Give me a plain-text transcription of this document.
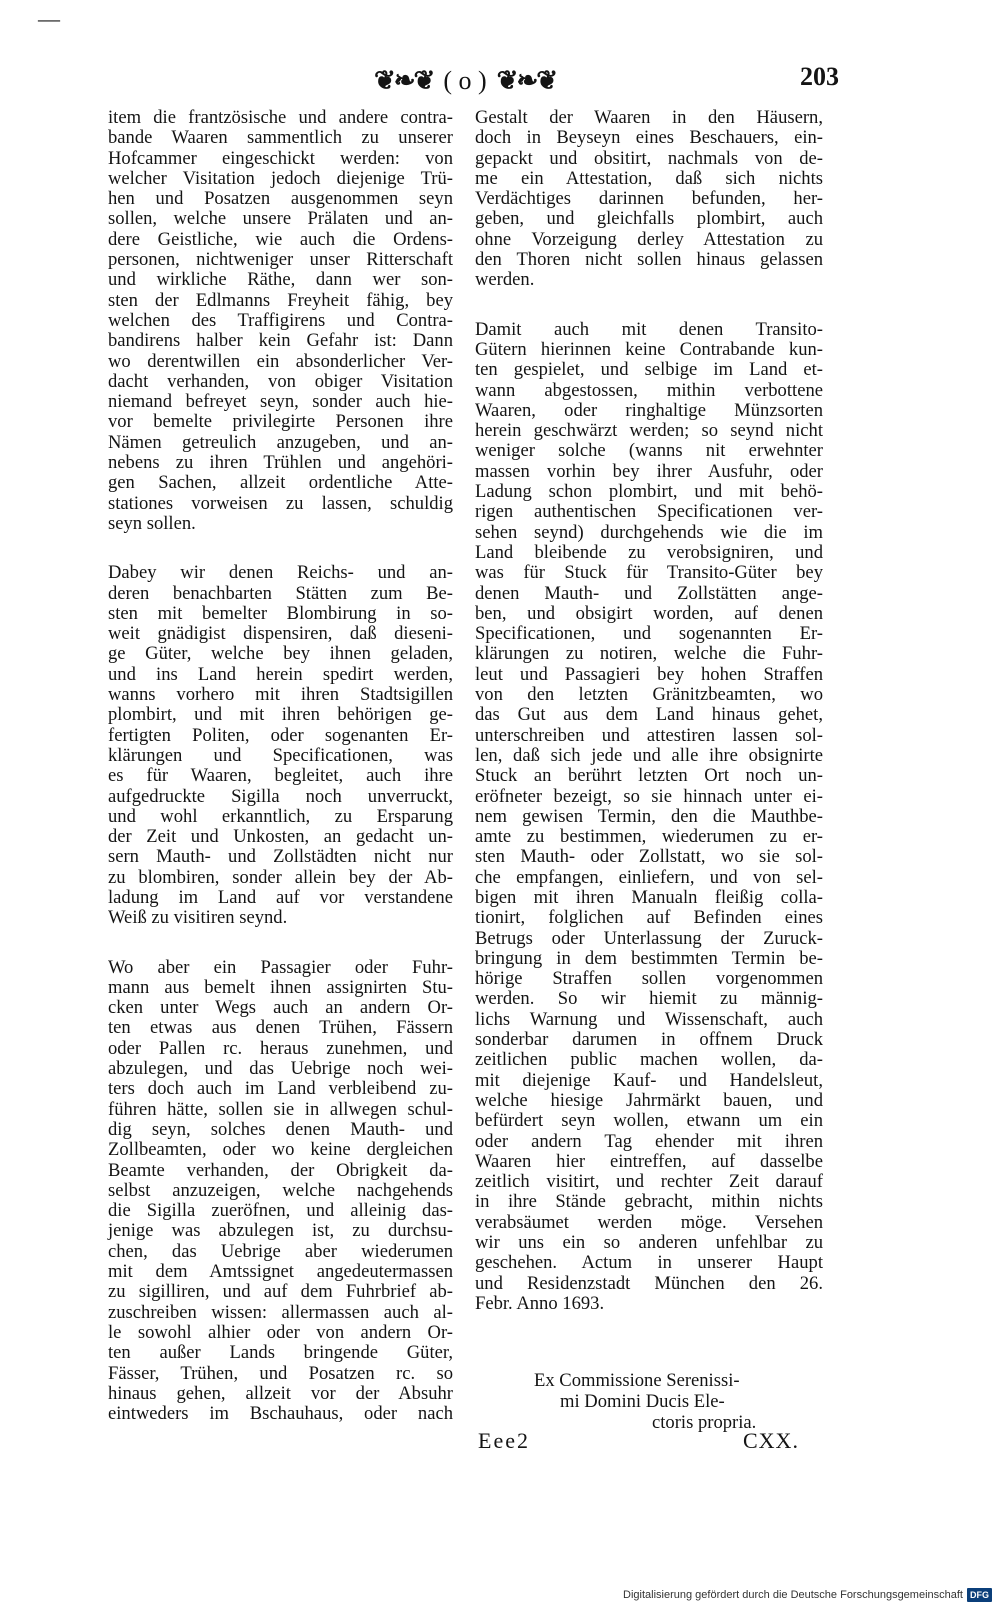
—
❦❧❦ ( o ) ❦❧❦	203
item die frantzösische und andere contra-
bande Waaren sammentlich zu unserer
Hofcammer eingeschickt werden: von
welcher Visitation jedoch diejenige Trü-
hen und Posatzen ausgenommen seyn
sollen, welche unsere Prälaten und an-
dere Geistliche, wie auch die Ordens-
personen, nichtweniger unser Ritterschaft
und wirkliche Räthe, dann wer son-
sten der Edlmanns Freyheit fähig, bey
welchen des Traffigirens und Contra-
bandirens halber kein Gefahr ist: Dann
wo derentwillen ein absonderlicher Ver-
dacht verhanden, von obiger Visitation
niemand befreyet seyn, sonder auch hie-
vor bemelte privilegirte Personen ihre
Nämen getreulich anzugeben, und an-
nebens zu ihren Trühlen und angehöri-
gen Sachen, allzeit ordentliche Atte-
stationes vorweisen zu lassen, schuldig
seyn sollen.
Dabey wir denen Reichs- und an-
deren benachbarten Stätten zum Be-
sten mit bemelter Blombirung in so-
weit gnädigist dispensiren, daß dieseni-
ge Güter, welche bey ihnen geladen,
und ins Land herein spedirt werden,
wanns vorhero mit ihren Stadtsigillen
plombirt, und mit ihren behörigen ge-
fertigten Politen, oder sogenanten Er-
klärungen und Specificationen, was
es für Waaren, begleitet, auch ihre
aufgedruckte Sigilla noch unverruckt,
und wohl erkanntlich, zu Ersparung
der Zeit und Unkosten, an gedacht un-
sern Mauth- und Zollstädten nicht nur
zu blombiren, sonder allein bey der Ab-
ladung im Land auf vor verstandene
Weiß zu visitiren seynd.
Wo aber ein Passagier oder Fuhr-
mann aus bemelt ihnen assignirten Stu-
cken unter Wegs auch an andern Or-
ten etwas aus denen Trühen, Fässern
oder Pallen rc. heraus zunehmen, und
abzulegen, und das Uebrige noch wei-
ters doch auch im Land verbleibend zu-
führen hätte, sollen sie in allwegen schul-
dig seyn, solches denen Mauth- und
Zollbeamten, oder wo keine dergleichen
Beamte verhanden, der Obrigkeit da-
selbst anzuzeigen, welche nachgehends
die Sigilla zueröfnen, und alleinig das-
jenige was abzulegen ist, zu durchsu-
chen, das Uebrige aber wiederumen
mit dem Amtssignet angedeutermassen
zu sigilliren, und auf dem Fuhrbrief ab-
zuschreiben wissen: allermassen auch al-
le sowohl alhier oder von andern Or-
ten außer Lands bringende Güter,
Fässer, Trühen, und Posatzen rc. so
hinaus gehen, allzeit vor der Absuhr
eintweders im Bschauhaus, oder nach
Gestalt der Waaren in den Häusern,
doch in Beyseyn eines Beschauers, ein-
gepackt und obsitirt, nachmals von de-
me ein Attestation, daß sich nichts
Verdächtiges darinnen befunden, her-
geben, und gleichfalls plombirt, auch
ohne Vorzeigung derley Attestation zu
den Thoren nicht sollen hinaus gelassen
werden.
Damit auch mit denen Transito-
Gütern hierinnen keine Contrabande kun-
ten gespielet, und selbige im Land et-
wann abgestossen, mithin verbottene
Waaren, oder ringhaltige Münzsorten
herein geschwärzt werden; so seynd nicht
weniger solche (wanns nit erwehnter
massen vorhin bey ihrer Ausfuhr, oder
Ladung schon plombirt, und mit behö-
rigen authentischen Specificationen ver-
sehen seynd) durchgehends wie die im
Land bleibende zu verobsigniren, und
was für Stuck für Transito-Güter bey
denen Mauth- und Zollstätten ange-
ben, und obsigirt worden, auf denen
Specificationen, und sogenannten Er-
klärungen zu notiren, welche die Fuhr-
leut und Passagieri bey hohen Straffen
von den letzten Gränitzbeamten, wo
das Gut aus dem Land hinaus gehet,
unterschreiben und attestiren lassen sol-
len, daß sich jede und alle ihre obsignirte
Stuck an berührt letzten Ort noch un-
eröfneter bezeigt, so sie hinnach unter ei-
nem gewisen Termin, den die Mauthbe-
amte zu bestimmen, wiederumen zu er-
sten Mauth- oder Zollstatt, wo sie sol-
che empfangen, einliefern, und von sel-
bigen mit ihren Manualn fleißig colla-
tionirt, folglichen auf Befinden eines
Betrugs oder Unterlassung der Zuruck-
bringung in dem bestimmten Termin be-
hörige Straffen sollen vorgenommen
werden. So wir hiemit zu männig-
lichs Warnung und Wissenschaft, auch
sonderbar darumen in offnem Druck
zeitlichen public machen wollen, da-
mit diejenige Kauf- und Handelsleut,
welche hiesige Jahrmärkt bauen, und
befürdert seyn wollen, etwann um ein
oder andern Tag ehender mit ihren
Waaren hier eintreffen, auf dasselbe
zeitlich visitirt, und rechter Zeit darauf
in ihre Stände gebracht, mithin nichts
verabsäumet werden möge. Versehen
wir uns ein so anderen unfehlbar zu
geschehen. Actum in unserer Haupt
und Residenzstadt München den 26.
Febr. Anno 1693.
Ex Commissione Serenissi-
mi Domini Ducis Ele-
ctoris propria.
Eee2	CXX.
Digitalisierung gefördert durch die Deutsche Forschungsgemeinschaft DFG
